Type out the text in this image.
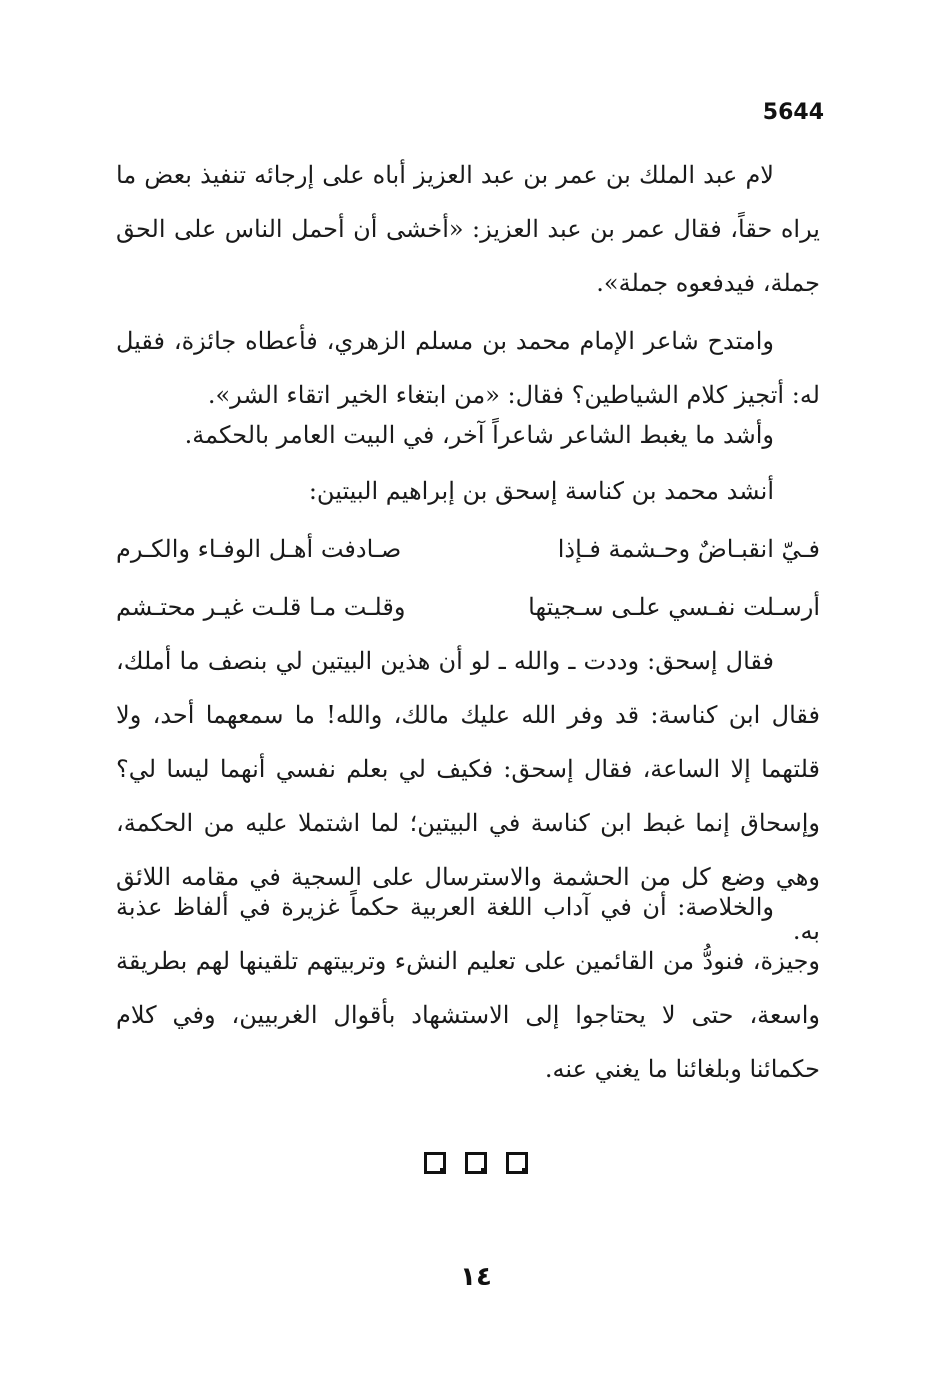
5644

لام عبد الملك بن عمر بن عبد العزيز أباه على إرجائه تنفيذ بعض ما يراه حقاً، فقال عمر بن عبد العزيز: «أخشى أن أحمل الناس على الحق جملة، فيدفعوه جملة».

وامتدح شاعر الإمام محمد بن مسلم الزهري، فأعطاه جائزة، فقيل له: أتجيز كلام الشياطين؟ فقال: «من ابتغاء الخير اتقاء الشر».

وأشد ما يغبط الشاعر شاعراً آخر، في البيت العامر بالحكمة.

أنشد محمد بن كناسة إسحق بن إبراهيم البيتين:

فـيّ انقبـاضٌ وحـشمة فـإذا
صـادفت أهـل الوفـاء والكـرم
أرسـلت نفـسي علـى سـجيتها
وقلـت مـا قلـت غيـر محتـشم

فقال إسحق: وددت ـ والله ـ لو أن هذين البيتين لي بنصف ما أملك، فقال ابن كناسة: قد وفر الله عليك مالك، والله! ما سمعهما أحد، ولا قلتهما إلا الساعة، فقال إسحق: فكيف لي بعلم نفسي أنهما ليسا لي؟ وإسحاق إنما غبط ابن كناسة في البيتين؛ لما اشتملا عليه من الحكمة، وهي وضع كل من الحشمة والاسترسال على السجية في مقامه اللائق به.

والخلاصة: أن في آداب اللغة العربية حكماً غزيرة في ألفاظ عذبة وجيزة، فنودُّ من القائمين على تعليم النشء وتربيتهم تلقينها لهم بطريقة واسعة، حتى لا يحتاجوا إلى الاستشهاد بأقوال الغربيين، وفي كلام حكمائنا وبلغائنا ما يغني عنه.

١٤
